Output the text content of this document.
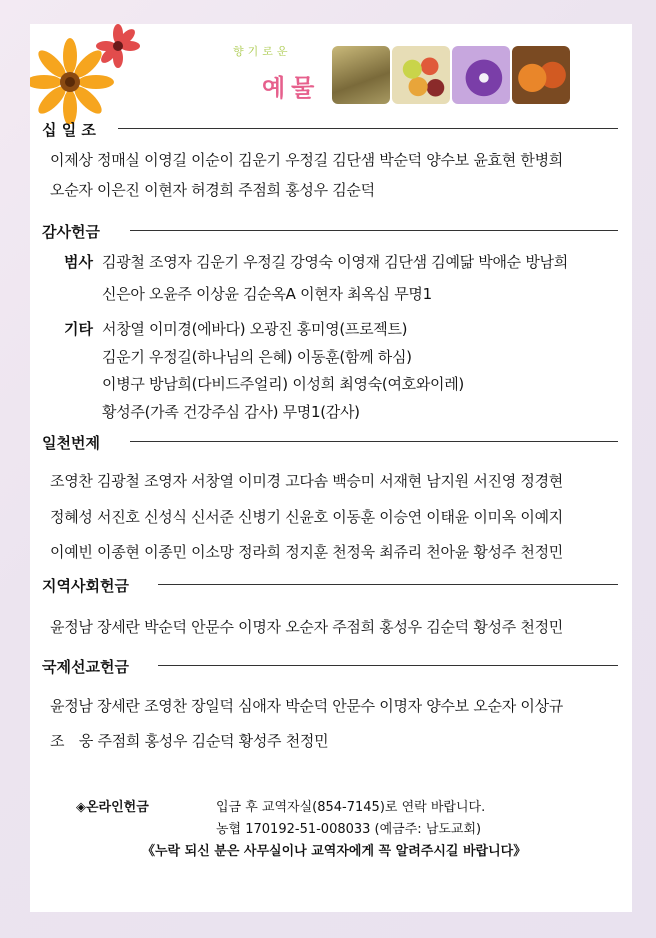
향기로운
예물
십 일 조
이제상 정매실 이영길 이순이 김운기 우정길 김단샘 박순덕 양수보 윤효현 한병희
오순자 이은진 이현자 허경희 주점희 홍성우 김순덕
감사헌금
범사 김광철 조영자 김운기 우정길 강영숙 이영재 김단샘 김예닮 박애순 방남희
신은아 오윤주 이상윤 김순옥A 이현자 최옥심 무명1
기타 서창열 이미경(에바다) 오광진 홍미영(프로젝트)
김운기 우정길(하나님의 은혜) 이동훈(함께 하심)
이병구 방남희(다비드주얼리) 이성희 최영숙(여호와이레)
황성주(가족 건강주심 감사) 무명1(감사)
일천번제
조영찬 김광철 조영자 서창열 이미경 고다솜 백승미 서재현 남지원 서진영 정경현
정혜성 서진호 신성식 신서준 신병기 신윤호 이동훈 이승연 이태윤 이미옥 이예지
이예빈 이종현 이종민 이소망 정라희 정지훈 천정욱 최쥬리 천아윤 황성주 천정민
지역사회헌금
윤정남 장세란 박순덕 안문수 이명자 오순자 주점희 홍성우 김순덕 황성주 천정민
국제선교헌금
윤정남 장세란 조영찬 장일덕 심애자 박순덕 안문수 이명자 양수보 오순자 이상규
조　웅 주점희 홍성우 김순덕 황성주 천정민
◈온라인헌금	입금 후 교역자실(854-7145)로 연락 바랍니다.
농협 170192-51-008033 (예금주: 남도교회)
《누락 되신 분은 사무실이나 교역자에게 꼭 알려주시길 바랍니다》
